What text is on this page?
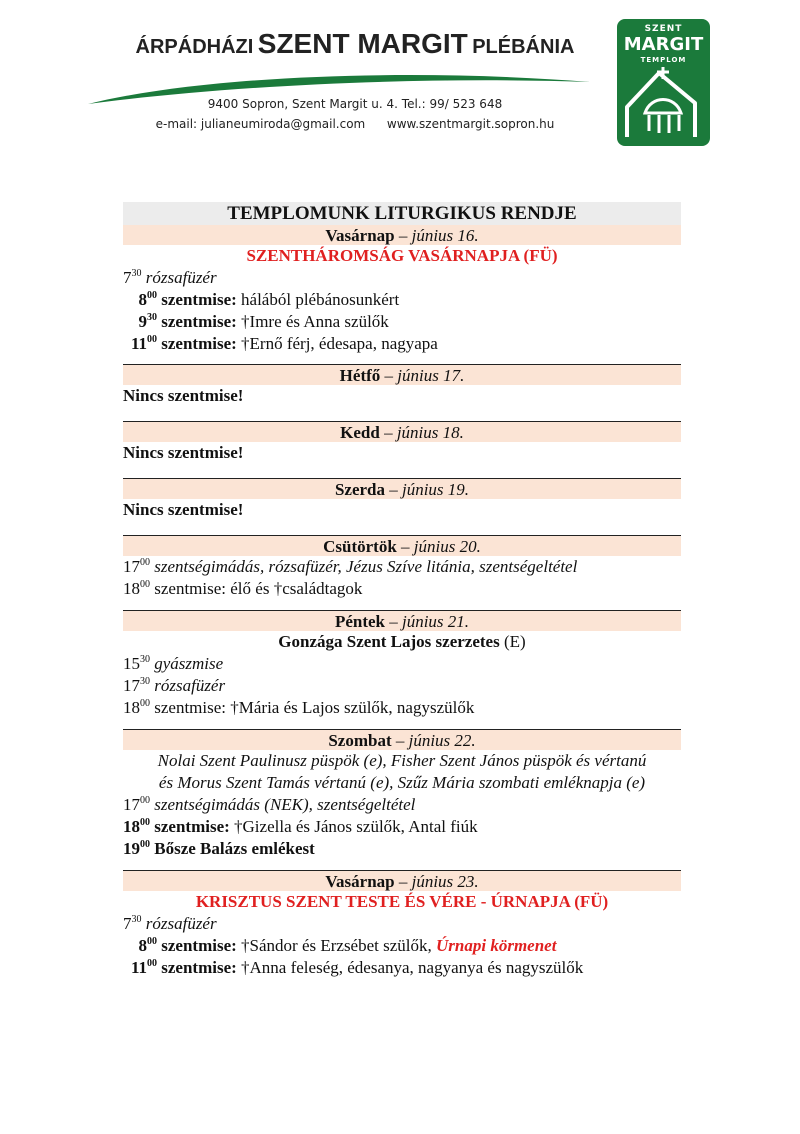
ÁRPÁDHÁZI SZENT MARGIT PLÉBÁNIA
9400 Sopron, Szent Margit u. 4. Tel.: 99/ 523 648
e-mail: julianeumiroda@gmail.com www.szentmargit.sopron.hu
SZENT
MARGIT
TEMPLOM
TEMPLOMUNK LITURGIKUS RENDJE
Vasárnap – június 16.
SZENTHÁROMSÁG VASÁRNAPJA (FÜ)
$7^{30}$ rózsafüzér
$8^{00}$ szentmise: hálából plébánosunkért
$9^{30}$ szentmise: †Imre és Anna szülők
$11^{00}$ szentmise: †Ernő férj, édesapa, nagyapa
Hétfő – június 17.
Nincs szentmise!
Kedd – június 18.
Nincs szentmise!
Szerda – június 19.
Nincs szentmise!
Csütörtök – június 20.
$17^{00}$ szentségimádás, rózsafüzér, Jézus Szíve litánia, szentségeltétel
$18^{00}$ szentmise: élő és †családtagok
Péntek – június 21.
Gonzága Szent Lajos szerzetes (E)
$15^{30}$ gyászmise
$17^{30}$ rózsafüzér
$18^{00}$ szentmise: †Mária és Lajos szülők, nagyszülők
Szombat – június 22.
Nolai Szent Paulinusz püspök (e), Fisher Szent János püspök és vértanú
és Morus Szent Tamás vértanú (e), Szűz Mária szombati emléknapja (e)
$17^{00}$ szentségimádás (NEK), szentségeltétel
$18^{00}$ szentmise: †Gizella és János szülők, Antal fiúk
$19^{00}$ Bősze Balázs emlékest
Vasárnap – június 23.
KRISZTUS SZENT TESTE ÉS VÉRE - ÚRNAPJA (FÜ)
$7^{30}$ rózsafüzér
$8^{00}$ szentmise: †Sándor és Erzsébet szülők, Úrnapi körmenet
$11^{00}$ szentmise: †Anna feleség, édesanya, nagyanya és nagyszülők
